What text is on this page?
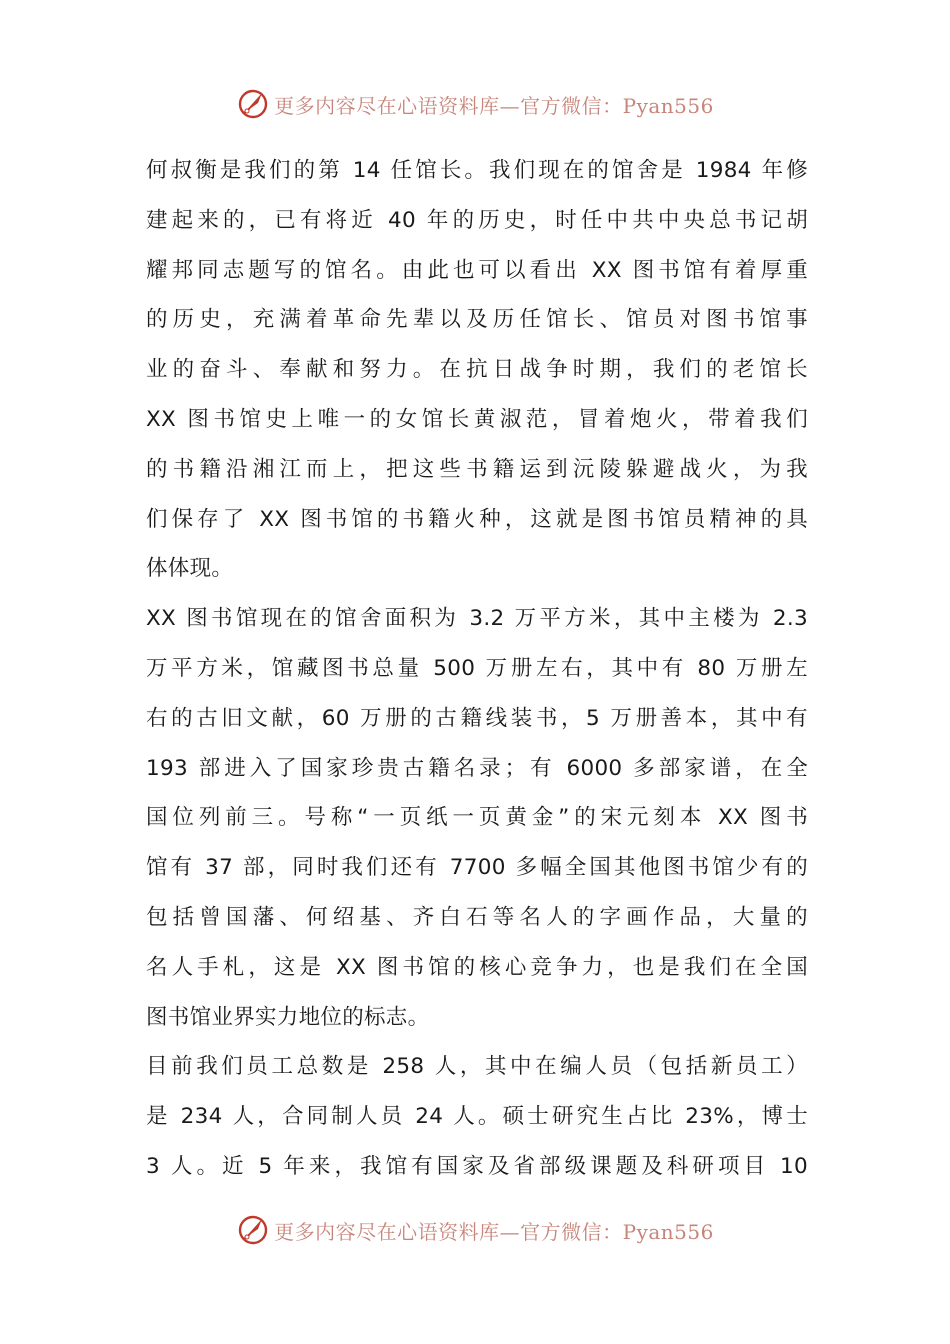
更多内容尽在心语资料库—官方微信：Pyan556
何叔衡是我们的第 14 任馆长。我们现在的馆舍是 1984 年修
建起来的，已有将近 40 年的历史，时任中共中央总书记胡
耀邦同志题写的馆名。由此也可以看出 XX 图书馆有着厚重
的历史，充满着革命先辈以及历任馆长、馆员对图书馆事
业的奋斗、奉献和努力。在抗日战争时期，我们的老馆长
XX 图书馆史上唯一的女馆长黄淑范，冒着炮火，带着我们
的书籍沿湘江而上，把这些书籍运到沅陵躲避战火，为我
们保存了 XX 图书馆的书籍火种，这就是图书馆员精神的具
体体现。
XX 图书馆现在的馆舍面积为 3.2 万平方米，其中主楼为 2.3
万平方米，馆藏图书总量 500 万册左右，其中有 80 万册左
右的古旧文献，60 万册的古籍线装书，5 万册善本，其中有
193 部进入了国家珍贵古籍名录；有 6000 多部家谱，在全
国位列前三。号称“一页纸一页黄金”的宋元刻本 XX 图书
馆有 37 部，同时我们还有 7700 多幅全国其他图书馆少有的
包括曾国藩、何绍基、齐白石等名人的字画作品，大量的
名人手札，这是 XX 图书馆的核心竞争力，也是我们在全国
图书馆业界实力地位的标志。
目前我们员工总数是 258 人，其中在编人员（包括新员工）
是 234 人，合同制人员 24 人。硕士研究生占比 23%，博士
3 人。近 5 年来，我馆有国家及省部级课题及科研项目 10
更多内容尽在心语资料库—官方微信：Pyan556
